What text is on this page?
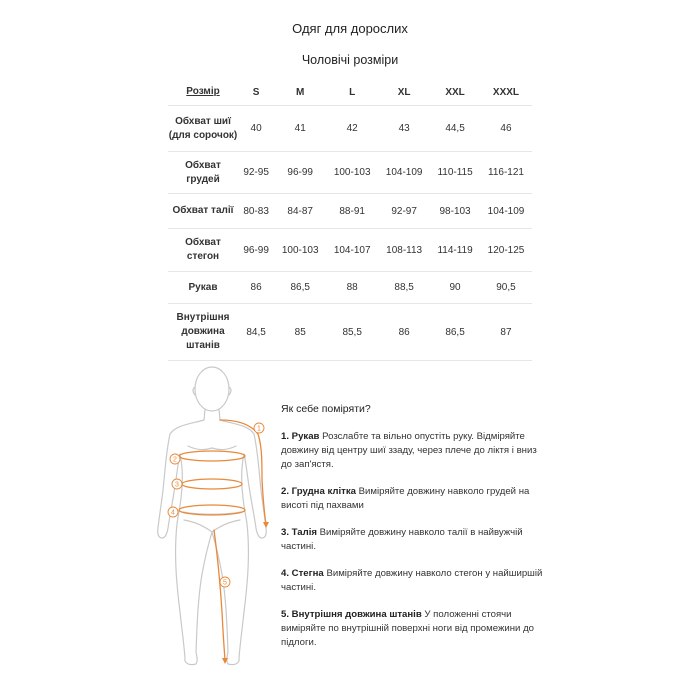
Одяг для дорослих
Чоловічі розміри
Розмір	S	M	L	XL	XXL	XXXL
Обхват шиї (для сорочок)	40	41	42	43	44,5	46
Обхват грудей	92-95	96-99	100-103	104-109	110-115	116-121
Обхват талії	80-83	84-87	88-91	92-97	98-103	104-109
Обхват стегон	96-99	100-103	104-107	108-113	114-119	120-125
Рукав	86	86,5	88	88,5	90	90,5
Внутрішня довжина штанів	84,5	85	85,5	86	86,5	87
1
2
3
4
5
Як себе поміряти?
1. Рукав Розслабте та вільно опустіть руку. Відміряйте довжину від центру шиї ззаду, через плече до ліктя і вниз до зап'ястя.
2. Грудна клітка Виміряйте довжину навколо грудей на висоті під пахвами
3. Талія Виміряйте довжину навколо талії в найвужчій частині.
4. Стегна Виміряйте довжину навколо стегон у найширшій частині.
5. Внутрішня довжина штанів У положенні стоячи виміряйте по внутрішній поверхні ноги від промежини до підлоги.
